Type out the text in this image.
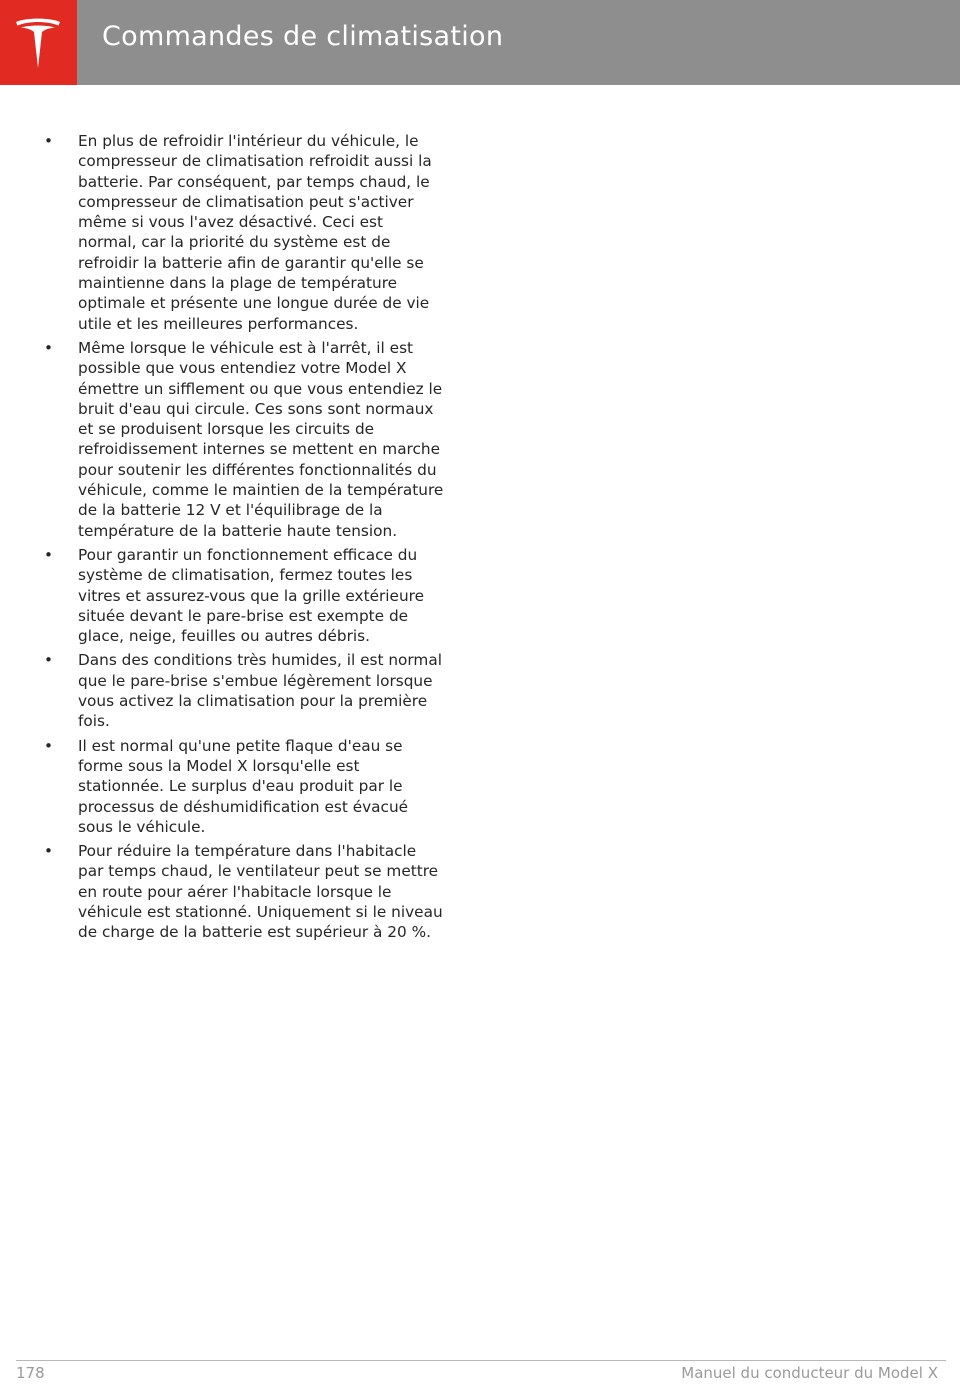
Commandes de climatisation
• En plus de refroidir l'intérieur du véhicule, le compresseur de climatisation refroidit aussi la batterie. Par conséquent, par temps chaud, le compresseur de climatisation peut s'activer même si vous l'avez désactivé. Ceci est normal, car la priorité du système est de refroidir la batterie afin de garantir qu'elle se maintienne dans la plage de température optimale et présente une longue durée de vie utile et les meilleures performances.
• Même lorsque le véhicule est à l'arrêt, il est possible que vous entendiez votre Model X émettre un sifflement ou que vous entendiez le bruit d'eau qui circule. Ces sons sont normaux et se produisent lorsque les circuits de refroidissement internes se mettent en marche pour soutenir les différentes fonctionnalités du véhicule, comme le maintien de la température de la batterie 12 V et l'équilibrage de la température de la batterie haute tension.
• Pour garantir un fonctionnement efficace du système de climatisation, fermez toutes les vitres et assurez-vous que la grille extérieure située devant le pare-brise est exempte de glace, neige, feuilles ou autres débris.
• Dans des conditions très humides, il est normal que le pare-brise s'embue légèrement lorsque vous activez la climatisation pour la première fois.
• Il est normal qu'une petite flaque d'eau se forme sous la Model X lorsqu'elle est stationnée. Le surplus d'eau produit par le processus de déshumidification est évacué sous le véhicule.
• Pour réduire la température dans l'habitacle par temps chaud, le ventilateur peut se mettre en route pour aérer l'habitacle lorsque le véhicule est stationné. Uniquement si le niveau de charge de la batterie est supérieur à 20 %.
178	Manuel du conducteur du Model X
